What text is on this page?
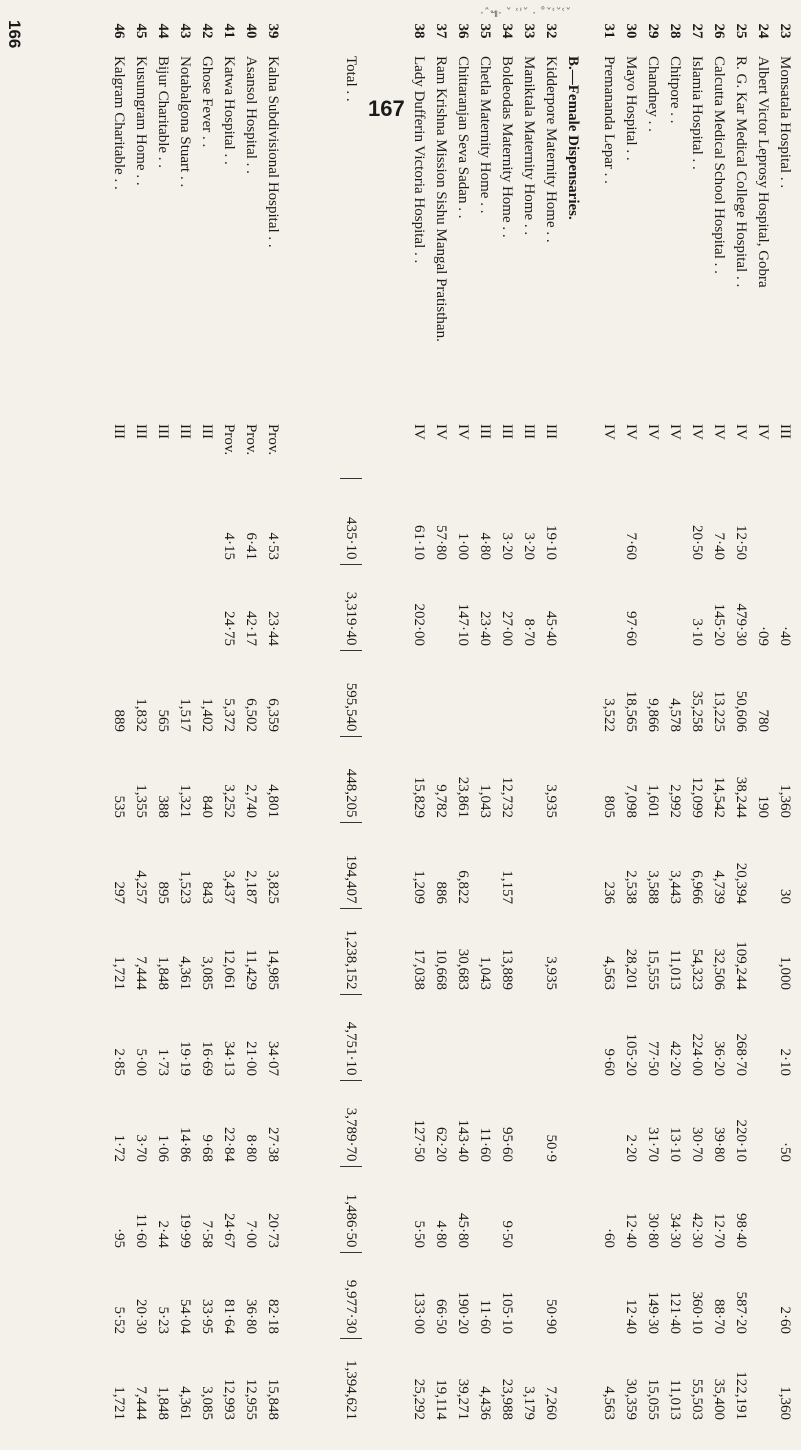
·ˆ๚· ˇ ʿˈˇ · ˚ˇʿˇʿˇ
167
166	23	Monsatala Hospital . .	III		·40		1,360	30	1,000	2·10	·50		2·60	1,360
24	Albert Victor Leprosy Hospital, Gobra	IV		·09	780	190							
25	R. G. Kar Medical College Hospital . .	IV	12·50	479·30	50,606	38,244	20,394	109,244	268·70	220·10	98·40	587·20	122,191
26	Calcutta Medical School Hospital . .	IV	7·40	145·20	13,225	14,542	4,739	32,506	36·20	39·80	12·70	88·70	35,400
27	Islamia Hospital . .	IV	20·50	3·10	35,258	12,099	6,966	54,323	224·00	30·70	42·30	360·10	55,503
28	Chitpore . .	IV			4,578	2,992	3,443	11,013	42·20	13·10	34·30	121·40	11,013
29	Chandney . .	IV			9,866	1,601	3,588	15,555	77·50	31·70	30·80	149·30	15,055
30	Mayo Hospital . .	IV	7·60	97·60	18,565	7,098	2,538	28,201	105·20	2·20	12·40	12·40	30,359
31	Premananda Lepar . .	IV			3,522	805	236	4,563	9·60		·60		4,563
	B.—Female Dispensaries.												
32	Kidderpore Maternity Home . .	III	19·10	45·40		3,935		3,935		50·9		50·90	7,260
33	Maniktala Maternity Home . .	III	3·20	8·70									3,179
34	Boldeodas Maternity Home . .	III	3·20	27·00		12,732	1,157	13,889		95·60	9·50	105·10	23,988
35	Chetla Maternity Home . .	III	4·80	23·40		1,043		1,043		11·60		11·60	4,436
36	Chittaranjan Seva Sadan . .	IV	1·00	147·10		23,861	6,822	30,683		143·40	45·80	190·20	39,271
37	Ram Krishna Mission Sishu Mangal Pratisthan.	IV	57·80			9,782	886	10,668		62·20	4·80	66·50	19,114
38	Lady Dufferin Victoria Hospital . .	IV	61·10	202·00		15,829	1,209	17,038		127·50	5·50	133·00	25,292

	Total . .		435·10	3,319·40	595,540	448,205	194,407	1,238,152	4,751·10	3,789·70	1,486·50	9,977·30	1,394,621

39	Kalna Subdivisional Hospital . .	Prov.	4·53	23·44	6,359	4,801	3,825	14,985	34·07	27·38	20·73	82·18	15,848
40	Asansol Hospital . .	Prov.	6·41	42·17	6,502	2,740	2,187	11,429	21·00	8·80	7·00	36·80	12,955
41	Katwa Hospital . .	Prov.	4·15	24·75	5,372	3,252	3,437	12,061	34·13	22·84	24·67	81·64	12,993
42	Ghose Fever . .	III			1,402	840	843	3,085	16·69	9·68	7·58	33·95	3,085
43	Notabalgona Stuart . .	III			1,517	1,321	1,523	4,361	19·19	14·86	19·99	54·04	4,361
44	Bijur Charitable . .	III			565	388	895	1,848	1·73	1·06	2·44	5·23	1,848
45	Kusumgram Home . .	III			1,832	1,355	4,257	7,444	5·00	3·70	11·60	20·30	7,444
46	Kalgram Charitable . .	III			889	535	297	1,721	2·85	1·72	·95	5·52	1,721
